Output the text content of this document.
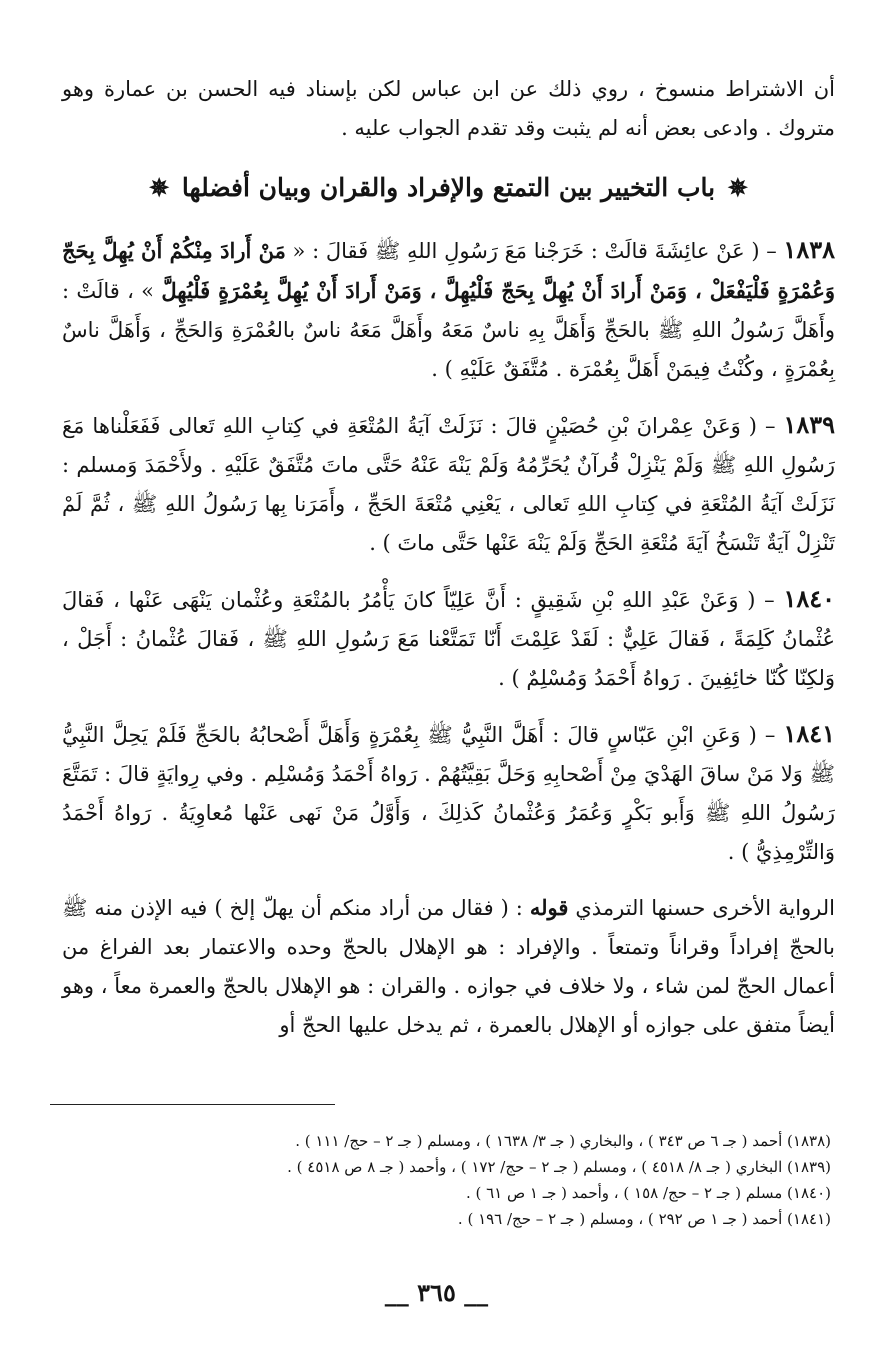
أن الاشتراط منسوخ ، روي ذلك عن ابن عباس لكن بإسناد فيه الحسن بن عمارة وهو متروك . وادعى بعض أنه لم يثبت وقد تقدم الجواب عليه .

✵ باب التخيير بين التمتع والإفراد والقران وبيان أفضلها ✵

١٨٣٨ – ( عَنْ عائِشَةَ قالَتْ : خَرَجْنا مَعَ رَسُولِ اللهِ ﷺ فَقالَ : « مَنْ أَرادَ مِنْكُمْ أَنْ يُهِلَّ بِحَجّ وَعُمْرَةٍ فَلْيَفْعَلْ ، وَمَنْ أَرادَ أَنْ يُهِلَّ بِحَجّ فَلْيُهِلَّ ، وَمَنْ أَرادَ أَنْ يُهِلَّ بِعُمْرَةٍ فَلْيُهِلَّ » ، قالَتْ : وأَهَلَّ رَسُولُ اللهِ ﷺ بالحَجِّ وَأَهَلَّ بِهِ ناسٌ مَعَهُ وأَهَلَّ مَعَهُ ناسٌ بالعُمْرَةِ وَالحَجِّ ، وَأَهَلَّ ناسٌ بِعُمْرَةٍ ، وكُنْتُ فِيمَنْ أَهَلَّ بِعُمْرَة . مُتَّفَقٌ عَلَيْهِ ) .

١٨٣٩ – ( وَعَنْ عِمْرانَ بْنِ حُصَيْنٍ قالَ : نَزَلَتْ آيَةُ المُتْعَةِ في كِتابِ اللهِ تَعالى فَفَعَلْناها مَعَ رَسُولِ اللهِ ﷺ وَلَمْ يَنْزِلْ قُرآنٌ يُحَرِّمُهُ وَلَمْ يَنْهَ عَنْهُ حَتَّى ماتَ مُتَّفَقٌ عَلَيْهِ . ولأَحْمَدَ وَمسلم : نَزَلَتْ آيَةُ المُتْعَةِ في كِتابِ اللهِ تَعالى ، يَعْنِي مُتْعَةَ الحَجِّ ، وأَمَرَنا بِها رَسُولُ اللهِ ﷺ ، ثُمَّ لَمْ تَنْزِلْ آيَةٌ تَنْسَخُ آيَةَ مُتْعَةِ الحَجِّ وَلَمْ يَنْهَ عَنْها حَتَّى ماتَ ) .

١٨٤٠ – ( وَعَنْ عَبْدِ اللهِ بْنِ شَقِيقٍ : أَنَّ عَلِيّاً كانَ يَأْمُرُ بالمُتْعَةِ وعُثْمان يَنْهَى عَنْها ، فَقالَ عُثْمانُ كَلِمَةً ، فَقالَ عَلِيٌّ : لَقَدْ عَلِمْتَ أَنّا تَمَتَّعْنا مَعَ رَسُولِ اللهِ ﷺ ، فَقالَ عُثْمانُ : أَجَلْ ، وَلكِنّا كُنّا خائِفِينَ . رَواهُ أَحْمَدُ وَمُسْلِمٌ ) .

١٨٤١ – ( وَعَنِ ابْنِ عَبّاسٍ قالَ : أَهَلَّ النَّبِيُّ ﷺ بِعُمْرَةٍ وَأَهَلَّ أَصْحابُهُ بالحَجِّ فَلَمْ يَحِلَّ النَّبِيُّ ﷺ وَلا مَنْ ساقَ الهَدْيَ مِنْ أَصْحابِهِ وَحَلَّ بَقِيَّتُهُمْ . رَواهُ أَحْمَدُ وَمُسْلِم . وفي رِوايَةٍ قالَ : تَمَتَّعَ رَسُولُ اللهِ ﷺ وَأَبو بَكْرٍ وَعُمَرُ وَعُثْمانُ كَذلِكَ ، وَأَوَّلُ مَنْ نَهى عَنْها مُعاوِيَةُ . رَواهُ أَحْمَدُ وَالتِّرْمِذِيُّ ) .

الرواية الأخرى حسنها الترمذي قوله : ( فقال من أراد منكم أن يهلّ إلخ ) فيه الإذن منه ﷺ بالحجّ إفراداً وقراناً وتمتعاً . والإفراد : هو الإهلال بالحجّ وحده والاعتمار بعد الفراغ من أعمال الحجّ لمن شاء ، ولا خلاف في جوازه . والقران : هو الإهلال بالحجّ والعمرة معاً ، وهو أيضاً متفق على جوازه أو الإهلال بالعمرة ، ثم يدخل عليها الحجّ أو

(١٨٣٨) أحمد ( جـ ٦ ص ٣٤٣ ) ، والبخاري ( جـ ٣/ ١٦٣٨ ) ، ومسلم ( جـ ٢ – حج/ ١١١ ) .

(١٨٣٩) البخاري ( جـ ٨/ ٤٥١٨ ) ، ومسلم ( جـ ٢ – حج/ ١٧٢ ) ، وأحمد ( جـ ٨ ص ٤٥١٨ ) .

(١٨٤٠) مسلم ( جـ ٢ – حج/ ١٥٨ ) ، وأحمد ( جـ ١ ص ٦١ ) .

(١٨٤١) أحمد ( جـ ١ ص ٢٩٢ ) ، ومسلم ( جـ ٢ – حج/ ١٩٦ ) .

__ ٣٦٥ __
